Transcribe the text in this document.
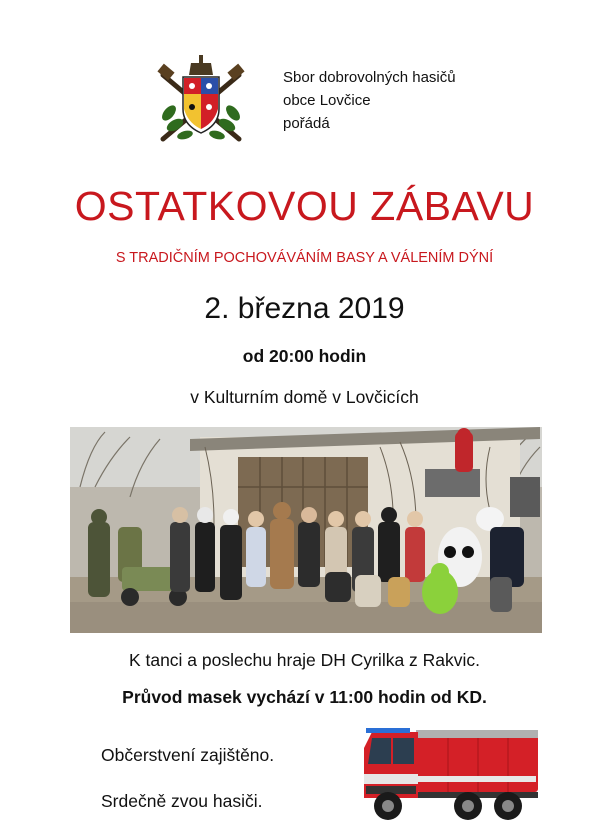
Sbor dobrovolných hasičů
obce Lovčice
pořádá
OSTATKOVOU ZÁBAVU
S TRADIČNÍM POCHOVÁVÁNÍM BASY A VÁLENÍM DÝNÍ
2. března 2019
od 20:00 hodin
v Kulturním domě v Lovčicích
K tanci a poslechu hraje DH Cyrilka z Rakvic.
Průvod masek vychází v 11:00 hodin od KD.
Občerstvení zajištěno.
Srdečně zvou hasiči.
